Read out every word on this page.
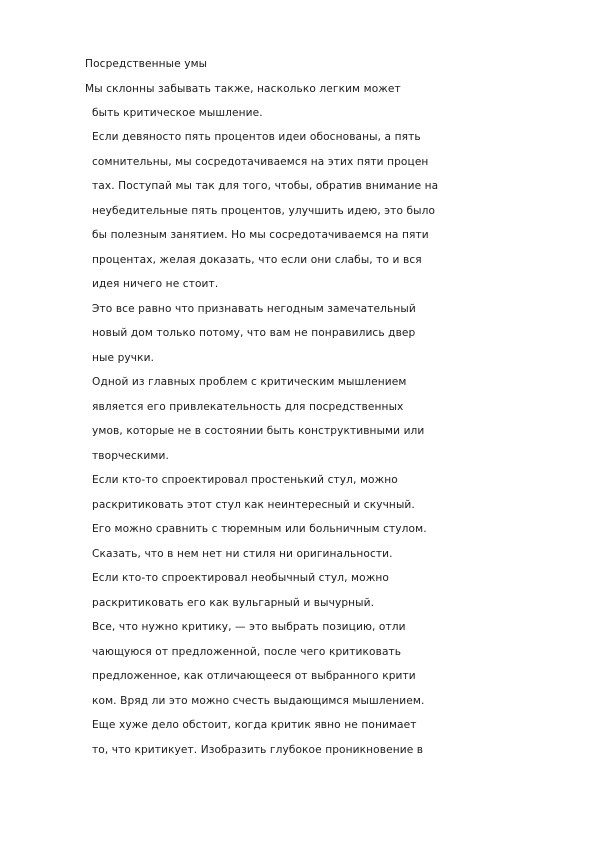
Посредственные умы
Мы склонны забывать также, насколько легким может
быть критическое мышление.
Если девяносто пять процентов идеи обоснованы, а пять
сомнительны, мы сосредотачиваемся на этих пяти процен
тах. Поступай мы так для того, чтобы, обратив внимание на
неубедительные пять процентов, улучшить идею, это было
бы полезным занятием. Но мы сосредотачиваемся на пяти
процентах, желая доказать, что если они слабы, то и вся
идея ничего не стоит.
Это все равно что признавать негодным замечательный
новый дом только потому, что вам не понравились двер
ные ручки.
Одной из главных проблем с критическим мышлением
является его привлекательность для посредственных
умов, которые не в состоянии быть конструктивными или
творческими.
Если кто-то спроектировал простенький стул, можно
раскритиковать этот стул как неинтересный и скучный.
Его можно сравнить с тюремным или больничным стулом.
Сказать, что в нем нет ни стиля ни оригинальности.
Если кто-то спроектировал необычный стул, можно
раскритиковать его как вульгарный и вычурный.
Все, что нужно критику, — это выбрать позицию, отли
чающуюся от предложенной, после чего критиковать
предложенное, как отличающееся от выбранного крити
ком. Вряд ли это можно счесть выдающимся мышлением.
Еще хуже дело обстоит, когда критик явно не понимает
то, что критикует. Изобразить глубокое проникновение в
